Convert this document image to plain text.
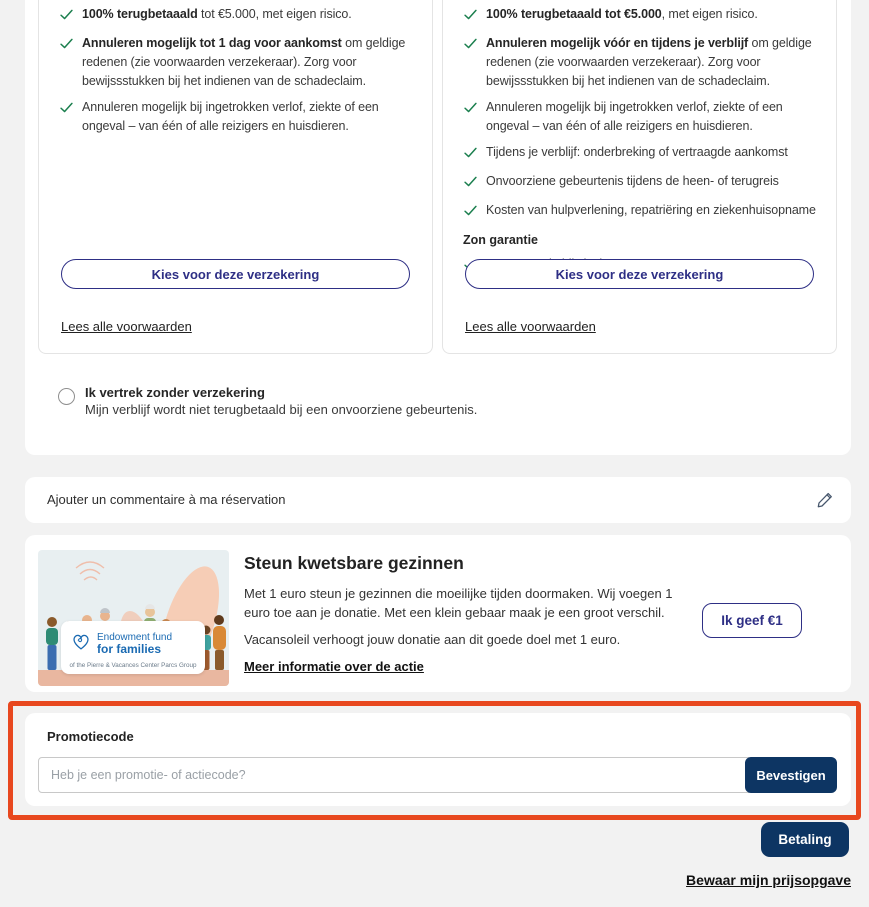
100% terugbetaaald tot €5.000, met eigen risico.

Annuleren mogelijk tot 1 dag voor aankomst om geldige redenen (zie voorwaarden verzekeraar). Zorg voor bewijssstukken bij het indienen van de schadeclaim.

Annuleren mogelijk bij ingetrokken verlof, ziekte of een ongeval – van één of alle reizigers en huisdieren.

Kies voor deze verzekering
Lees alle voorwaarden

100% terugbetaaald tot €5.000, met eigen risico.

Annuleren mogelijk vóór en tijdens je verblijf om geldige redenen (zie voorwaarden verzekeraar). Zorg voor bewijssstukken bij het indienen van de schadeclaim.

Annuleren mogelijk bij ingetrokken verlof, ziekte of een ongeval – van één of alle reizigers en huisdieren.

Tijdens je verblijf: onderbreking of vertraagde aankomst

Onvoorziene gebeurtenis tijdens de heen- of terugreis

Kosten van hulpverlening, repatriëring en ziekenhuisopname

Zon garantie

Kies voor deze verzekering
Lees alle voorwaarden
Ik vertrek zonder verzekering
Mijn verblijf wordt niet terugbetaald bij een onvoorziene gebeurtenis.
Ajouter un commentaire à ma réservation
Endowment fund
for families
of the Pierre & Vacances Center Parcs Group
Steun kwetsbare gezinnen

Met 1 euro steun je gezinnen die moeilijke tijden doormaken. Wij voegen 1 euro toe aan je donatie. Met een klein gebaar maak je een groot verschil.

Vacansoleil verhoogt jouw donatie aan dit goede doel met 1 euro.

Meer informatie over de actie
Ik geef €1
Promotiecode
Heb je een promotie- of actiecode?
Bevestigen
Betaling
Bewaar mijn prijsopgave
